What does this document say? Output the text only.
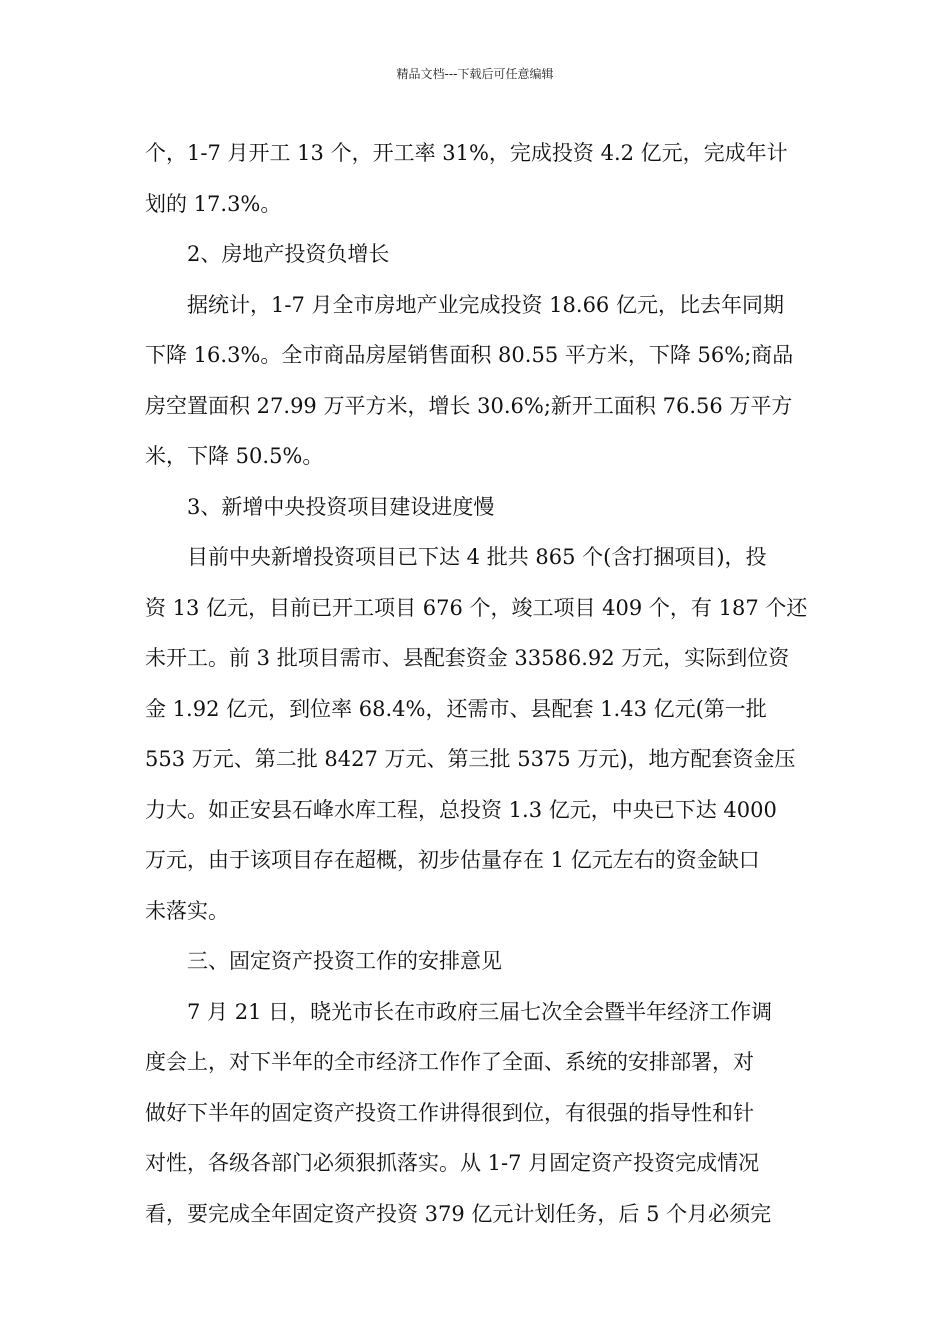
精品文档---下载后可任意编辑

个，1-7 月开工 13 个，开工率 31%，完成投资 4.2 亿元，完成年计
划的 17.3%。

2、房地产投资负增长

据统计，1-7 月全市房地产业完成投资 18.66 亿元，比去年同期
下降 16.3%。全市商品房屋销售面积 80.55 平方米，下降 56%;商品
房空置面积 27.99 万平方米，增长 30.6%;新开工面积 76.56 万平方
米，下降 50.5%。

3、新增中央投资项目建设进度慢

目前中央新增投资项目已下达 4 批共 865 个(含打捆项目)，投
资 13 亿元，目前已开工项目 676 个，竣工项目 409 个，有 187 个还
未开工。前 3 批项目需市、县配套资金 33586.92 万元，实际到位资
金 1.92 亿元，到位率 68.4%，还需市、县配套 1.43 亿元(第一批
553 万元、第二批 8427 万元、第三批 5375 万元)，地方配套资金压
力大。如正安县石峰水库工程，总投资 1.3 亿元，中央已下达 4000
万元，由于该项目存在超概，初步估量存在 1 亿元左右的资金缺口
未落实。

三、固定资产投资工作的安排意见

7 月 21 日，晓光市长在市政府三届七次全会暨半年经济工作调
度会上，对下半年的全市经济工作作了全面、系统的安排部署，对
做好下半年的固定资产投资工作讲得很到位，有很强的指导性和针
对性，各级各部门必须狠抓落实。从 1-7 月固定资产投资完成情况
看，要完成全年固定资产投资 379 亿元计划任务，后 5 个月必须完
